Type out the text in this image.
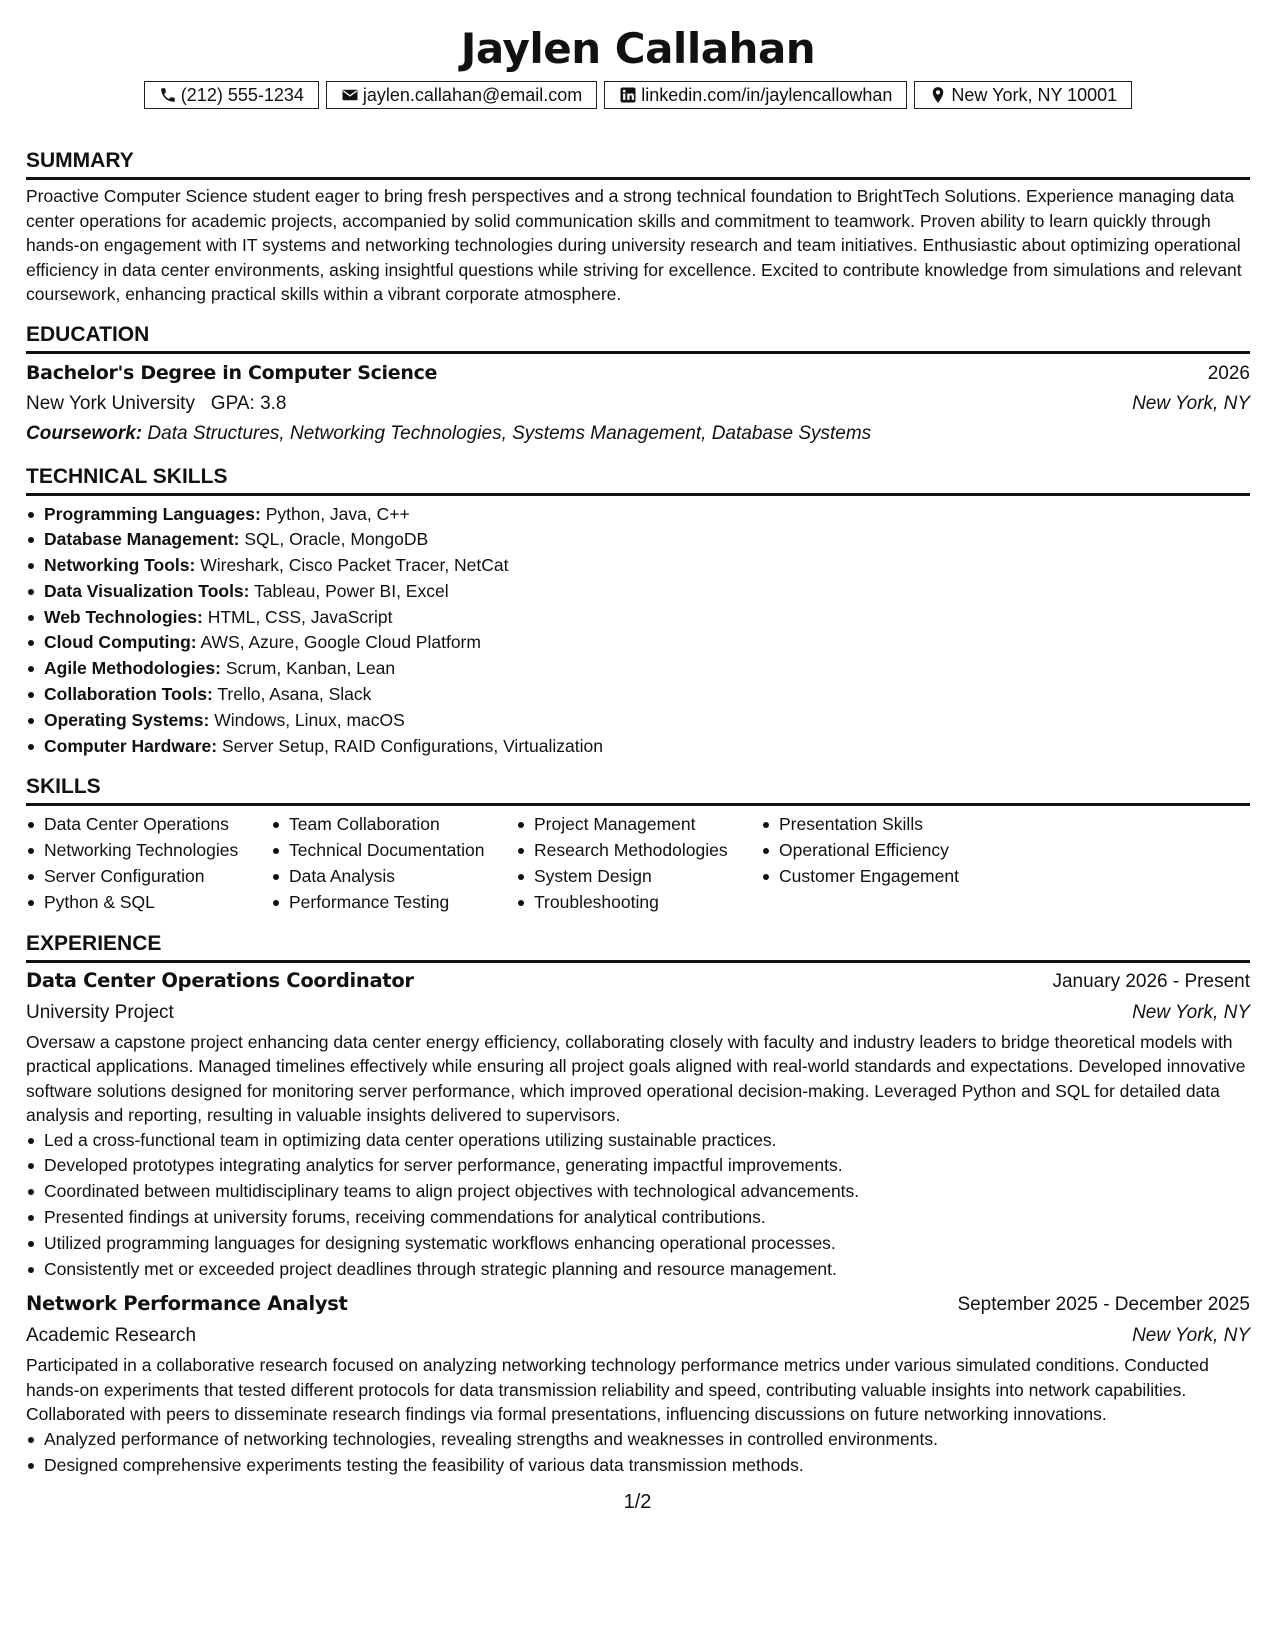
Jaylen Callahan
(212) 555-1234	jaylen.callahan@email.com	linkedin.com/in/jaylencallowhan	New York, NY 10001
SUMMARY

Proactive Computer Science student eager to bring fresh perspectives and a strong technical foundation to BrightTech Solutions. Experience managing data center operations for academic projects, accompanied by solid communication skills and commitment to teamwork. Proven ability to learn quickly through hands-on engagement with IT systems and networking technologies during university research and team initiatives. Enthusiastic about optimizing operational efficiency in data center environments, asking insightful questions while striving for excellence. Excited to contribute knowledge from simulations and relevant coursework, enhancing practical skills within a vibrant corporate atmosphere.

EDUCATION
Bachelor's Degree in Computer Science	2026
New York University GPA: 3.8	New York, NY
Coursework: Data Structures, Networking Technologies, Systems Management, Database Systems
TECHNICAL SKILLS
Programming Languages: Python, Java, C++
Database Management: SQL, Oracle, MongoDB
Networking Tools: Wireshark, Cisco Packet Tracer, NetCat
Data Visualization Tools: Tableau, Power BI, Excel
Web Technologies: HTML, CSS, JavaScript
Cloud Computing: AWS, Azure, Google Cloud Platform
Agile Methodologies: Scrum, Kanban, Lean
Collaboration Tools: Trello, Asana, Slack
Operating Systems: Windows, Linux, macOS
Computer Hardware: Server Setup, RAID Configurations, Virtualization
SKILLS
Data Center Operations
Networking Technologies
Server Configuration
Python & SQL
Team Collaboration
Technical Documentation
Data Analysis
Performance Testing
Project Management
Research Methodologies
System Design
Troubleshooting
Presentation Skills
Operational Efficiency
Customer Engagement
EXPERIENCE
Data Center Operations Coordinator	January 2026 - Present
University Project	New York, NY

Oversaw a capstone project enhancing data center energy efficiency, collaborating closely with faculty and industry leaders to bridge theoretical models with practical applications. Managed timelines effectively while ensuring all project goals aligned with real-world standards and expectations. Developed innovative software solutions designed for monitoring server performance, which improved operational decision-making. Leveraged Python and SQL for detailed data analysis and reporting, resulting in valuable insights delivered to supervisors.

Led a cross-functional team in optimizing data center operations utilizing sustainable practices.
Developed prototypes integrating analytics for server performance, generating impactful improvements.
Coordinated between multidisciplinary teams to align project objectives with technological advancements.
Presented findings at university forums, receiving commendations for analytical contributions.
Utilized programming languages for designing systematic workflows enhancing operational processes.
Consistently met or exceeded project deadlines through strategic planning and resource management.
Network Performance Analyst	September 2025 - December 2025
Academic Research	New York, NY

Participated in a collaborative research focused on analyzing networking technology performance metrics under various simulated conditions. Conducted hands-on experiments that tested different protocols for data transmission reliability and speed, contributing valuable insights into network capabilities. Collaborated with peers to disseminate research findings via formal presentations, influencing discussions on future networking innovations.

Analyzed performance of networking technologies, revealing strengths and weaknesses in controlled environments.
Designed comprehensive experiments testing the feasibility of various data transmission methods.
1/2
